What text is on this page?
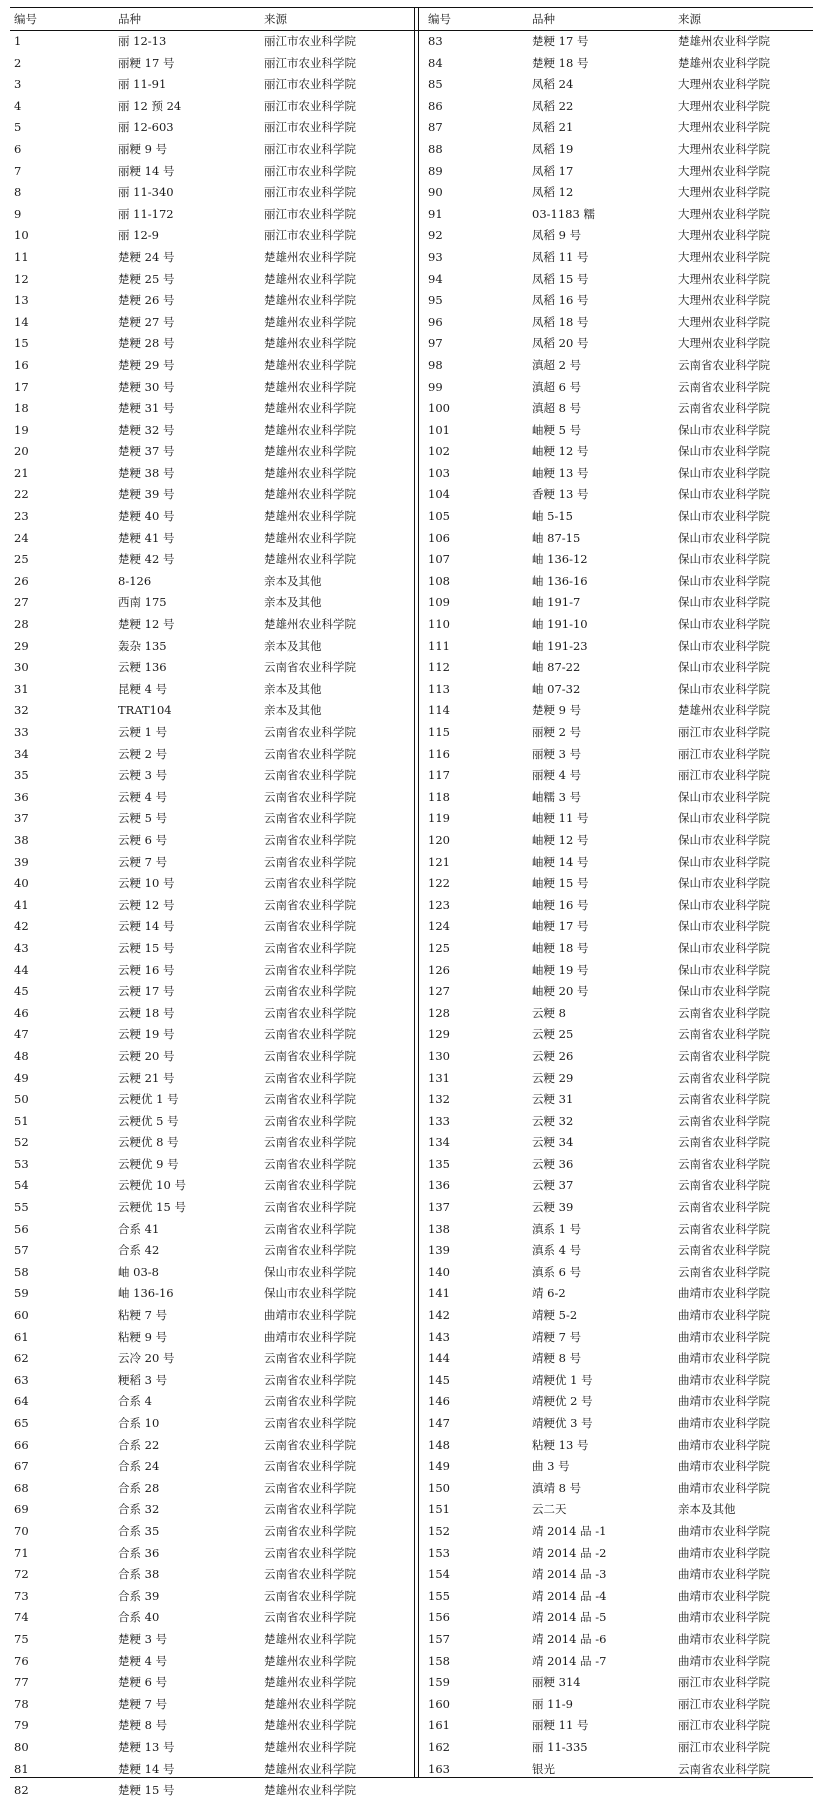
编号	品种	来源
1	丽 12-13	丽江市农业科学院
2	丽粳 17 号	丽江市农业科学院
3	丽 11-91	丽江市农业科学院
4	丽 12 预 24	丽江市农业科学院
5	丽 12-603	丽江市农业科学院
6	丽粳 9 号	丽江市农业科学院
7	丽粳 14 号	丽江市农业科学院
8	丽 11-340	丽江市农业科学院
9	丽 11-172	丽江市农业科学院
10	丽 12-9	丽江市农业科学院
11	楚粳 24 号	楚雄州农业科学院
12	楚粳 25 号	楚雄州农业科学院
13	楚粳 26 号	楚雄州农业科学院
14	楚粳 27 号	楚雄州农业科学院
15	楚粳 28 号	楚雄州农业科学院
16	楚粳 29 号	楚雄州农业科学院
17	楚粳 30 号	楚雄州农业科学院
18	楚粳 31 号	楚雄州农业科学院
19	楚粳 32 号	楚雄州农业科学院
20	楚粳 37 号	楚雄州农业科学院
21	楚粳 38 号	楚雄州农业科学院
22	楚粳 39 号	楚雄州农业科学院
23	楚粳 40 号	楚雄州农业科学院
24	楚粳 41 号	楚雄州农业科学院
25	楚粳 42 号	楚雄州农业科学院
26	8-126	亲本及其他
27	西南 175	亲本及其他
28	楚粳 12 号	楚雄州农业科学院
29	轰杂 135	亲本及其他
30	云粳 136	云南省农业科学院
31	昆粳 4 号	亲本及其他
32	TRAT104	亲本及其他
33	云粳 1 号	云南省农业科学院
34	云粳 2 号	云南省农业科学院
35	云粳 3 号	云南省农业科学院
36	云粳 4 号	云南省农业科学院
37	云粳 5 号	云南省农业科学院
38	云粳 6 号	云南省农业科学院
39	云粳 7 号	云南省农业科学院
40	云粳 10 号	云南省农业科学院
41	云粳 12 号	云南省农业科学院
42	云粳 14 号	云南省农业科学院
43	云粳 15 号	云南省农业科学院
44	云粳 16 号	云南省农业科学院
45	云粳 17 号	云南省农业科学院
46	云粳 18 号	云南省农业科学院
47	云粳 19 号	云南省农业科学院
48	云粳 20 号	云南省农业科学院
49	云粳 21 号	云南省农业科学院
50	云粳优 1 号	云南省农业科学院
51	云粳优 5 号	云南省农业科学院
52	云粳优 8 号	云南省农业科学院
53	云粳优 9 号	云南省农业科学院
54	云粳优 10 号	云南省农业科学院
55	云粳优 15 号	云南省农业科学院
56	合系 41	云南省农业科学院
57	合系 42	云南省农业科学院
58	岫 03-8	保山市农业科学院
59	岫 136-16	保山市农业科学院
60	粘粳 7 号	曲靖市农业科学院
61	粘粳 9 号	曲靖市农业科学院
62	云冷 20 号	云南省农业科学院
63	粳稻 3 号	云南省农业科学院
64	合系 4	云南省农业科学院
65	合系 10	云南省农业科学院
66	合系 22	云南省农业科学院
67	合系 24	云南省农业科学院
68	合系 28	云南省农业科学院
69	合系 32	云南省农业科学院
70	合系 35	云南省农业科学院
71	合系 36	云南省农业科学院
72	合系 38	云南省农业科学院
73	合系 39	云南省农业科学院
74	合系 40	云南省农业科学院
75	楚粳 3 号	楚雄州农业科学院
76	楚粳 4 号	楚雄州农业科学院
77	楚粳 6 号	楚雄州农业科学院
78	楚粳 7 号	楚雄州农业科学院
79	楚粳 8 号	楚雄州农业科学院
80	楚粳 13 号	楚雄州农业科学院
81	楚粳 14 号	楚雄州农业科学院
82	楚粳 15 号	楚雄州农业科学院
编号	品种	来源
83	楚粳 17 号	楚雄州农业科学院
84	楚粳 18 号	楚雄州农业科学院
85	凤稻 24	大理州农业科学院
86	凤稻 22	大理州农业科学院
87	凤稻 21	大理州农业科学院
88	凤稻 19	大理州农业科学院
89	凤稻 17	大理州农业科学院
90	凤稻 12	大理州农业科学院
91	03-1183 糯	大理州农业科学院
92	凤稻 9 号	大理州农业科学院
93	凤稻 11 号	大理州农业科学院
94	凤稻 15 号	大理州农业科学院
95	凤稻 16 号	大理州农业科学院
96	凤稻 18 号	大理州农业科学院
97	凤稻 20 号	大理州农业科学院
98	滇超 2 号	云南省农业科学院
99	滇超 6 号	云南省农业科学院
100	滇超 8 号	云南省农业科学院
101	岫粳 5 号	保山市农业科学院
102	岫粳 12 号	保山市农业科学院
103	岫粳 13 号	保山市农业科学院
104	香粳 13 号	保山市农业科学院
105	岫 5-15	保山市农业科学院
106	岫 87-15	保山市农业科学院
107	岫 136-12	保山市农业科学院
108	岫 136-16	保山市农业科学院
109	岫 191-7	保山市农业科学院
110	岫 191-10	保山市农业科学院
111	岫 191-23	保山市农业科学院
112	岫 87-22	保山市农业科学院
113	岫 07-32	保山市农业科学院
114	楚粳 9 号	楚雄州农业科学院
115	丽粳 2 号	丽江市农业科学院
116	丽粳 3 号	丽江市农业科学院
117	丽粳 4 号	丽江市农业科学院
118	岫糯 3 号	保山市农业科学院
119	岫粳 11 号	保山市农业科学院
120	岫粳 12 号	保山市农业科学院
121	岫粳 14 号	保山市农业科学院
122	岫粳 15 号	保山市农业科学院
123	岫粳 16 号	保山市农业科学院
124	岫粳 17 号	保山市农业科学院
125	岫粳 18 号	保山市农业科学院
126	岫粳 19 号	保山市农业科学院
127	岫粳 20 号	保山市农业科学院
128	云粳 8	云南省农业科学院
129	云粳 25	云南省农业科学院
130	云粳 26	云南省农业科学院
131	云粳 29	云南省农业科学院
132	云粳 31	云南省农业科学院
133	云粳 32	云南省农业科学院
134	云粳 34	云南省农业科学院
135	云粳 36	云南省农业科学院
136	云粳 37	云南省农业科学院
137	云粳 39	云南省农业科学院
138	滇系 1 号	云南省农业科学院
139	滇系 4 号	云南省农业科学院
140	滇系 6 号	云南省农业科学院
141	靖 6-2	曲靖市农业科学院
142	靖粳 5-2	曲靖市农业科学院
143	靖粳 7 号	曲靖市农业科学院
144	靖粳 8 号	曲靖市农业科学院
145	靖粳优 1 号	曲靖市农业科学院
146	靖粳优 2 号	曲靖市农业科学院
147	靖粳优 3 号	曲靖市农业科学院
148	粘粳 13 号	曲靖市农业科学院
149	曲 3 号	曲靖市农业科学院
150	滇靖 8 号	曲靖市农业科学院
151	云二天	亲本及其他
152	靖 2014 品 -1	曲靖市农业科学院
153	靖 2014 品 -2	曲靖市农业科学院
154	靖 2014 品 -3	曲靖市农业科学院
155	靖 2014 品 -4	曲靖市农业科学院
156	靖 2014 品 -5	曲靖市农业科学院
157	靖 2014 品 -6	曲靖市农业科学院
158	靖 2014 品 -7	曲靖市农业科学院
159	丽粳 314	丽江市农业科学院
160	丽 11-9	丽江市农业科学院
161	丽粳 11 号	丽江市农业科学院
162	丽 11-335	丽江市农业科学院
163	银光	云南省农业科学院
